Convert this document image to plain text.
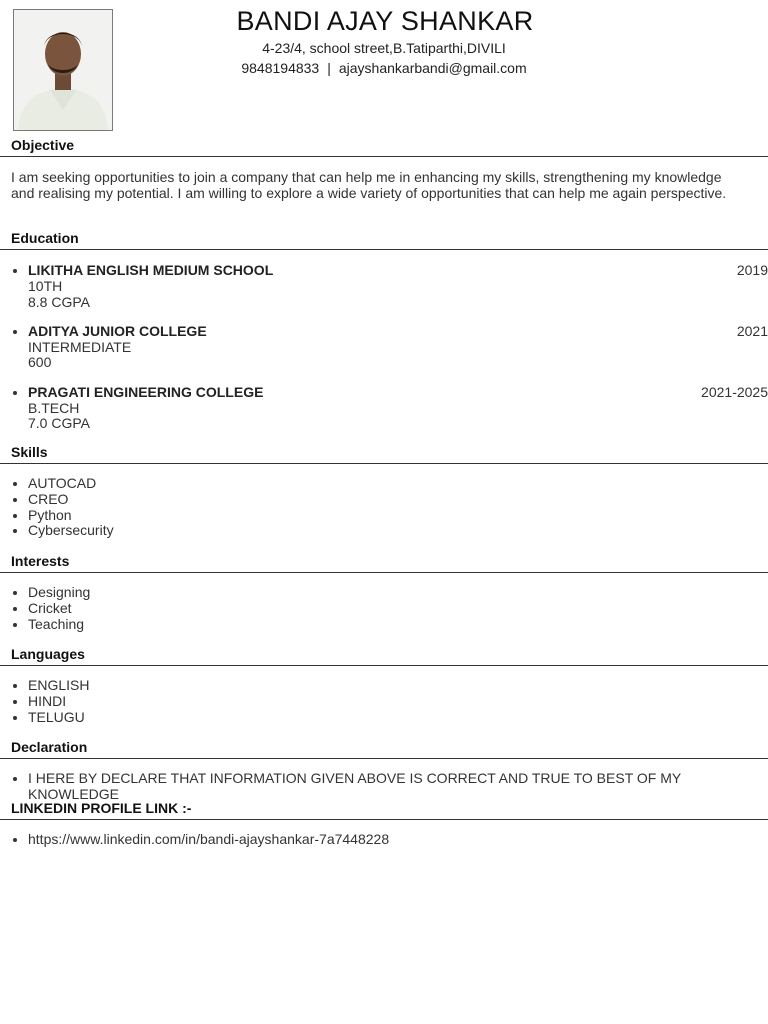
BANDI AJAY SHANKAR
4-23/4, school street,B.Tatiparthi,DIVILI
9848194833 | ajayshankarbandi@gmail.com
Objective
I am seeking opportunities to join a company that can help me in enhancing my skills, strengthening my knowledge and realising my potential. I am willing to explore a wide variety of opportunities that can help me again perspective.
Education
LIKITHA ENGLISH MEDIUM SCHOOL	2019
10TH
8.8 CGPA
ADITYA JUNIOR COLLEGE	2021
INTERMEDIATE
600
PRAGATI ENGINEERING COLLEGE	2021-2025
B.TECH
7.0 CGPA
Skills
AUTOCAD
CREO
Python
Cybersecurity
Interests
Designing
Cricket
Teaching
Languages
ENGLISH
HINDI
TELUGU
Declaration
I HERE BY DECLARE THAT INFORMATION GIVEN ABOVE IS CORRECT AND TRUE TO BEST OF MY KNOWLEDGE
LINKEDIN PROFILE LINK :-
https://www.linkedin.com/in/bandi-ajayshankar-7a7448228
